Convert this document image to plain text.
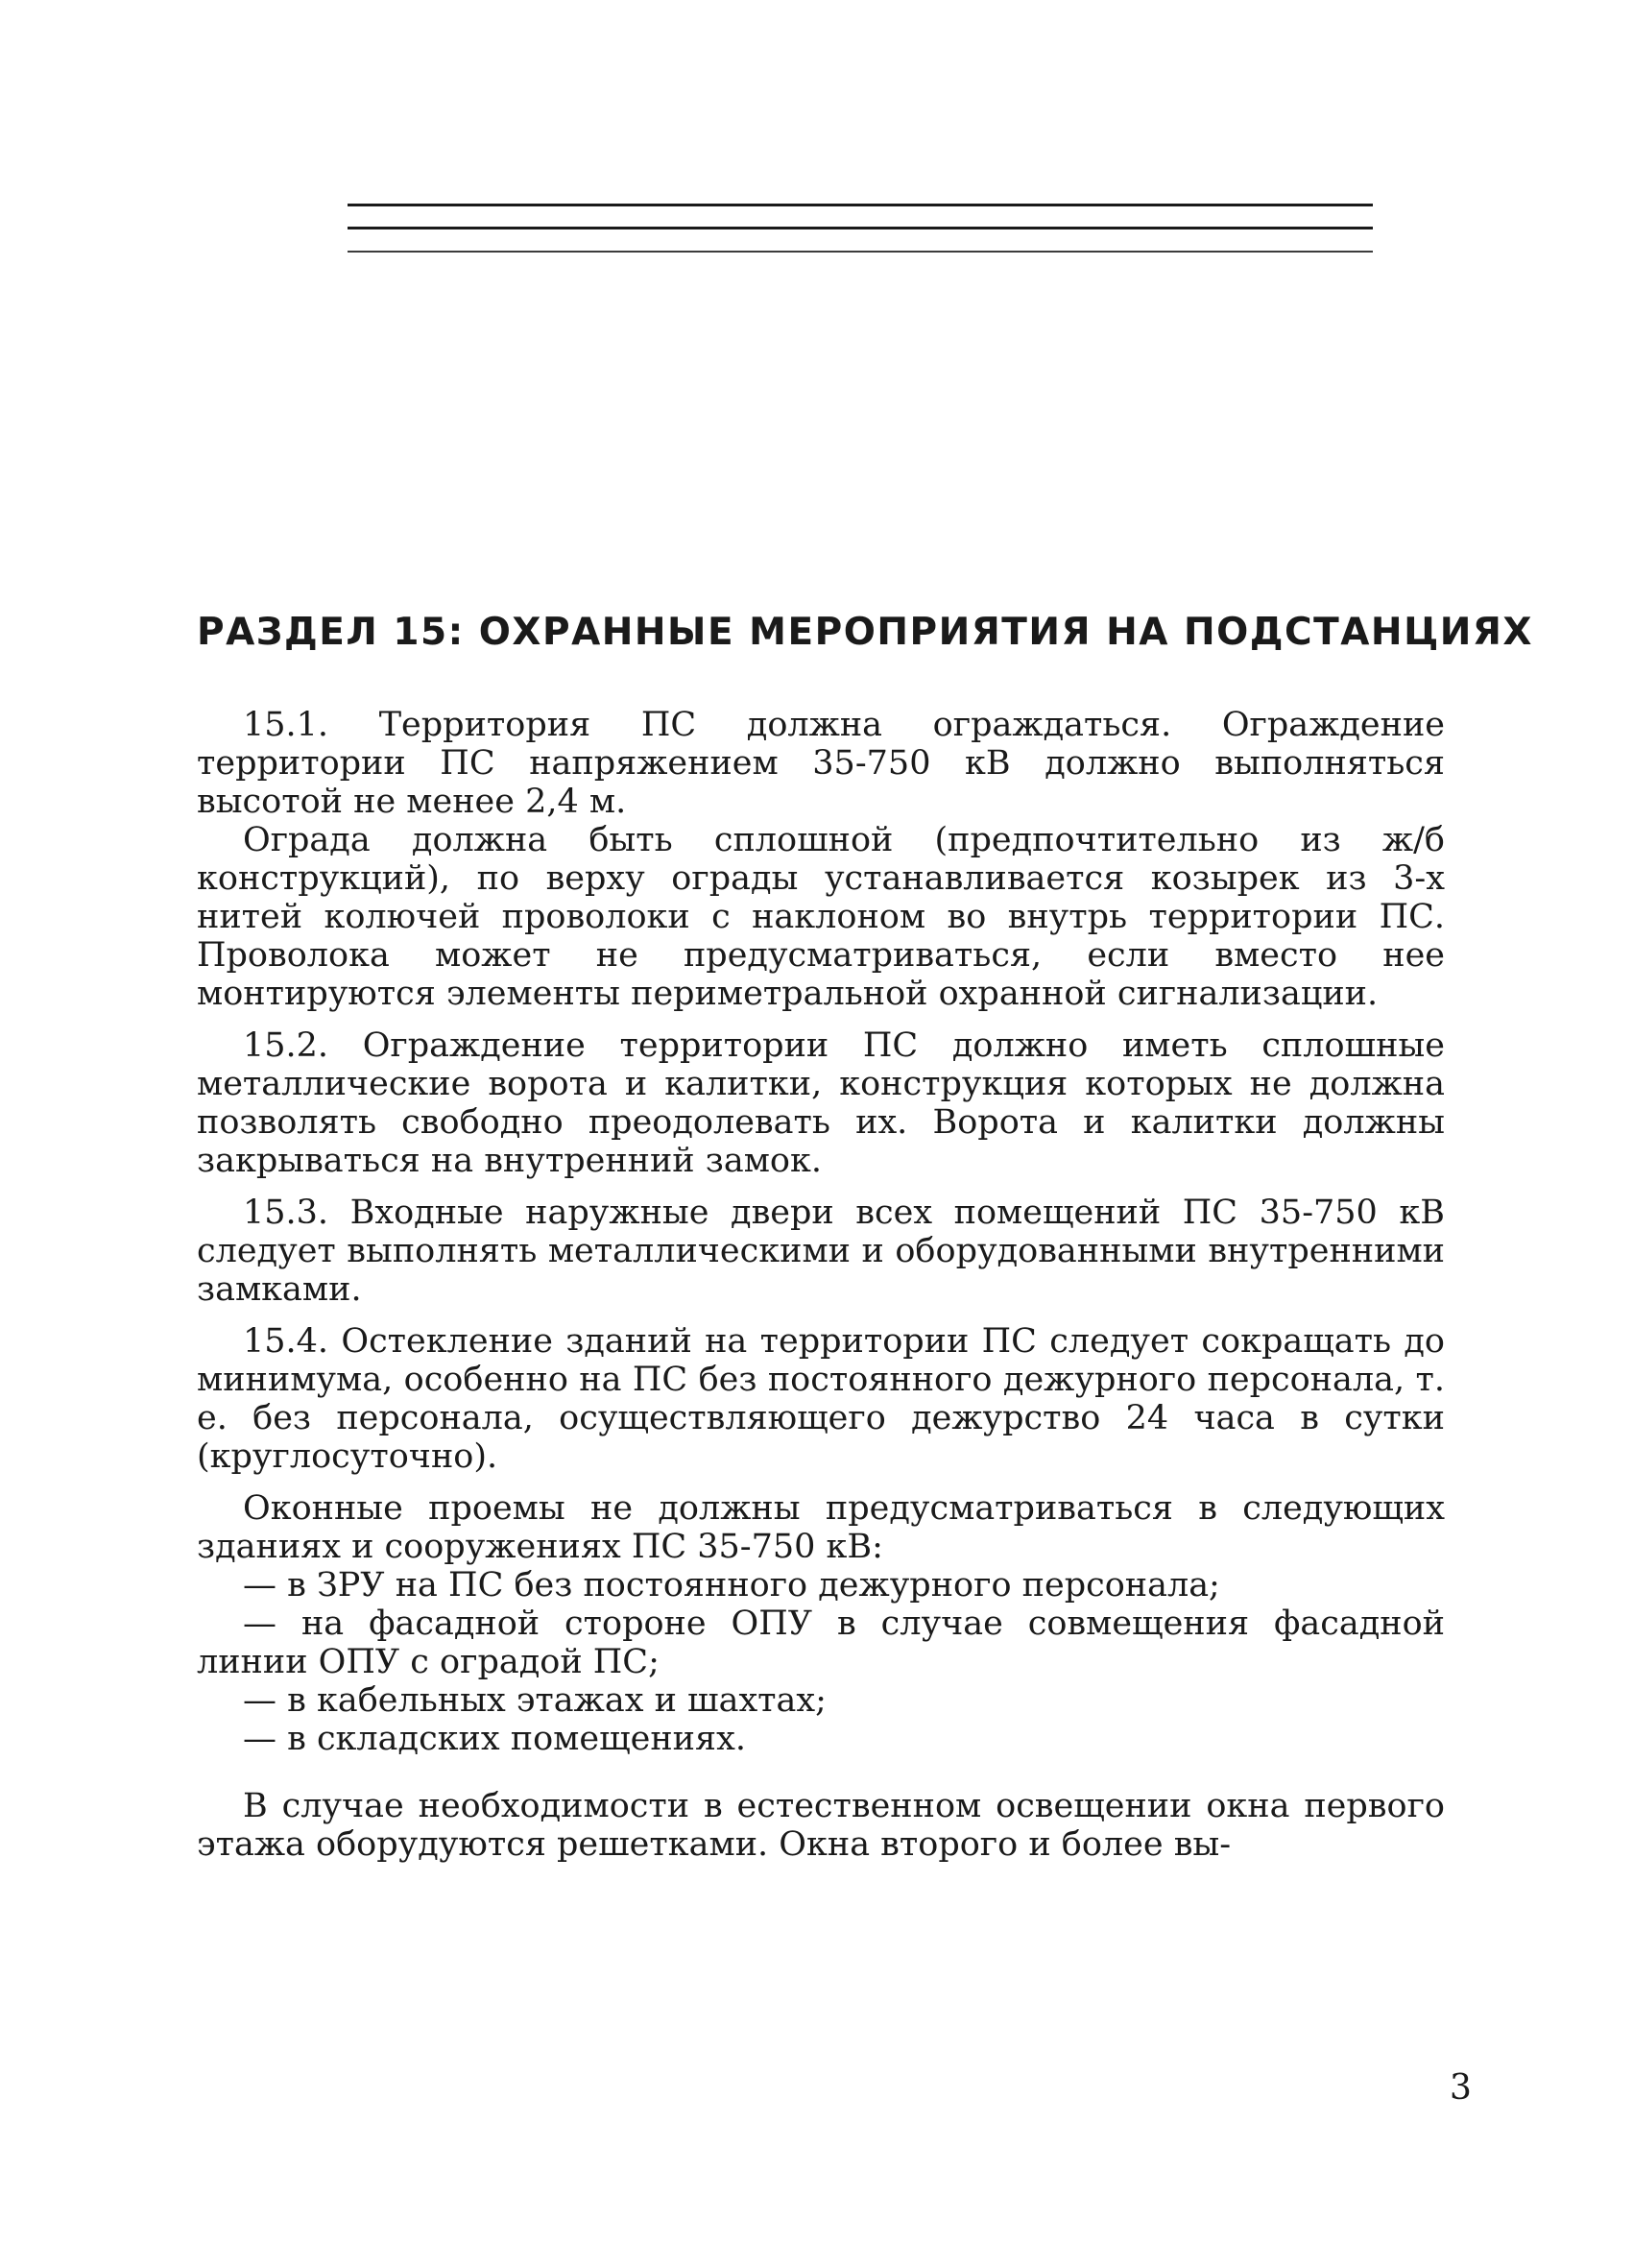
РАЗДЕЛ 15: ОХРАННЫЕ МЕРОПРИЯТИЯ НА ПОДСТАНЦИЯХ

15.1. Территория ПС должна ограждаться. Ограждение территории ПС напряжением 35-750 кВ должно выполняться высотой не менее 2,4 м.

Ограда должна быть сплошной (предпочтительно из ж/б конструкций), по верху ограды устанавливается козырек из 3-х нитей колючей проволоки с наклоном во внутрь территории ПС. Проволока может не предусматриваться, если вместо нее монтируются элементы периметральной охранной сигнализации.

15.2. Ограждение территории ПС должно иметь сплошные металлические ворота и калитки, конструкция которых не должна позволять свободно преодолевать их. Ворота и калитки должны закрываться на внутренний замок.

15.3. Входные наружные двери всех помещений ПС 35-750 кВ следует выполнять металлическими и оборудованными внутренними замками.

15.4. Остекление зданий на территории ПС следует сокращать до минимума, особенно на ПС без постоянного дежурного персонала, т. е. без персонала, осуществляющего дежурство 24 часа в сутки (круглосуточно).

Оконные проемы не должны предусматриваться в следующих зданиях и сооружениях ПС 35-750 кВ:

— в ЗРУ на ПС без постоянного дежурного персонала;

— на фасадной стороне ОПУ в случае совмещения фасадной линии ОПУ с оградой ПС;

— в кабельных этажах и шахтах;

— в складских помещениях.

В случае необходимости в естественном освещении окна первого этажа оборудуются решетками. Окна второго и более вы-

3
